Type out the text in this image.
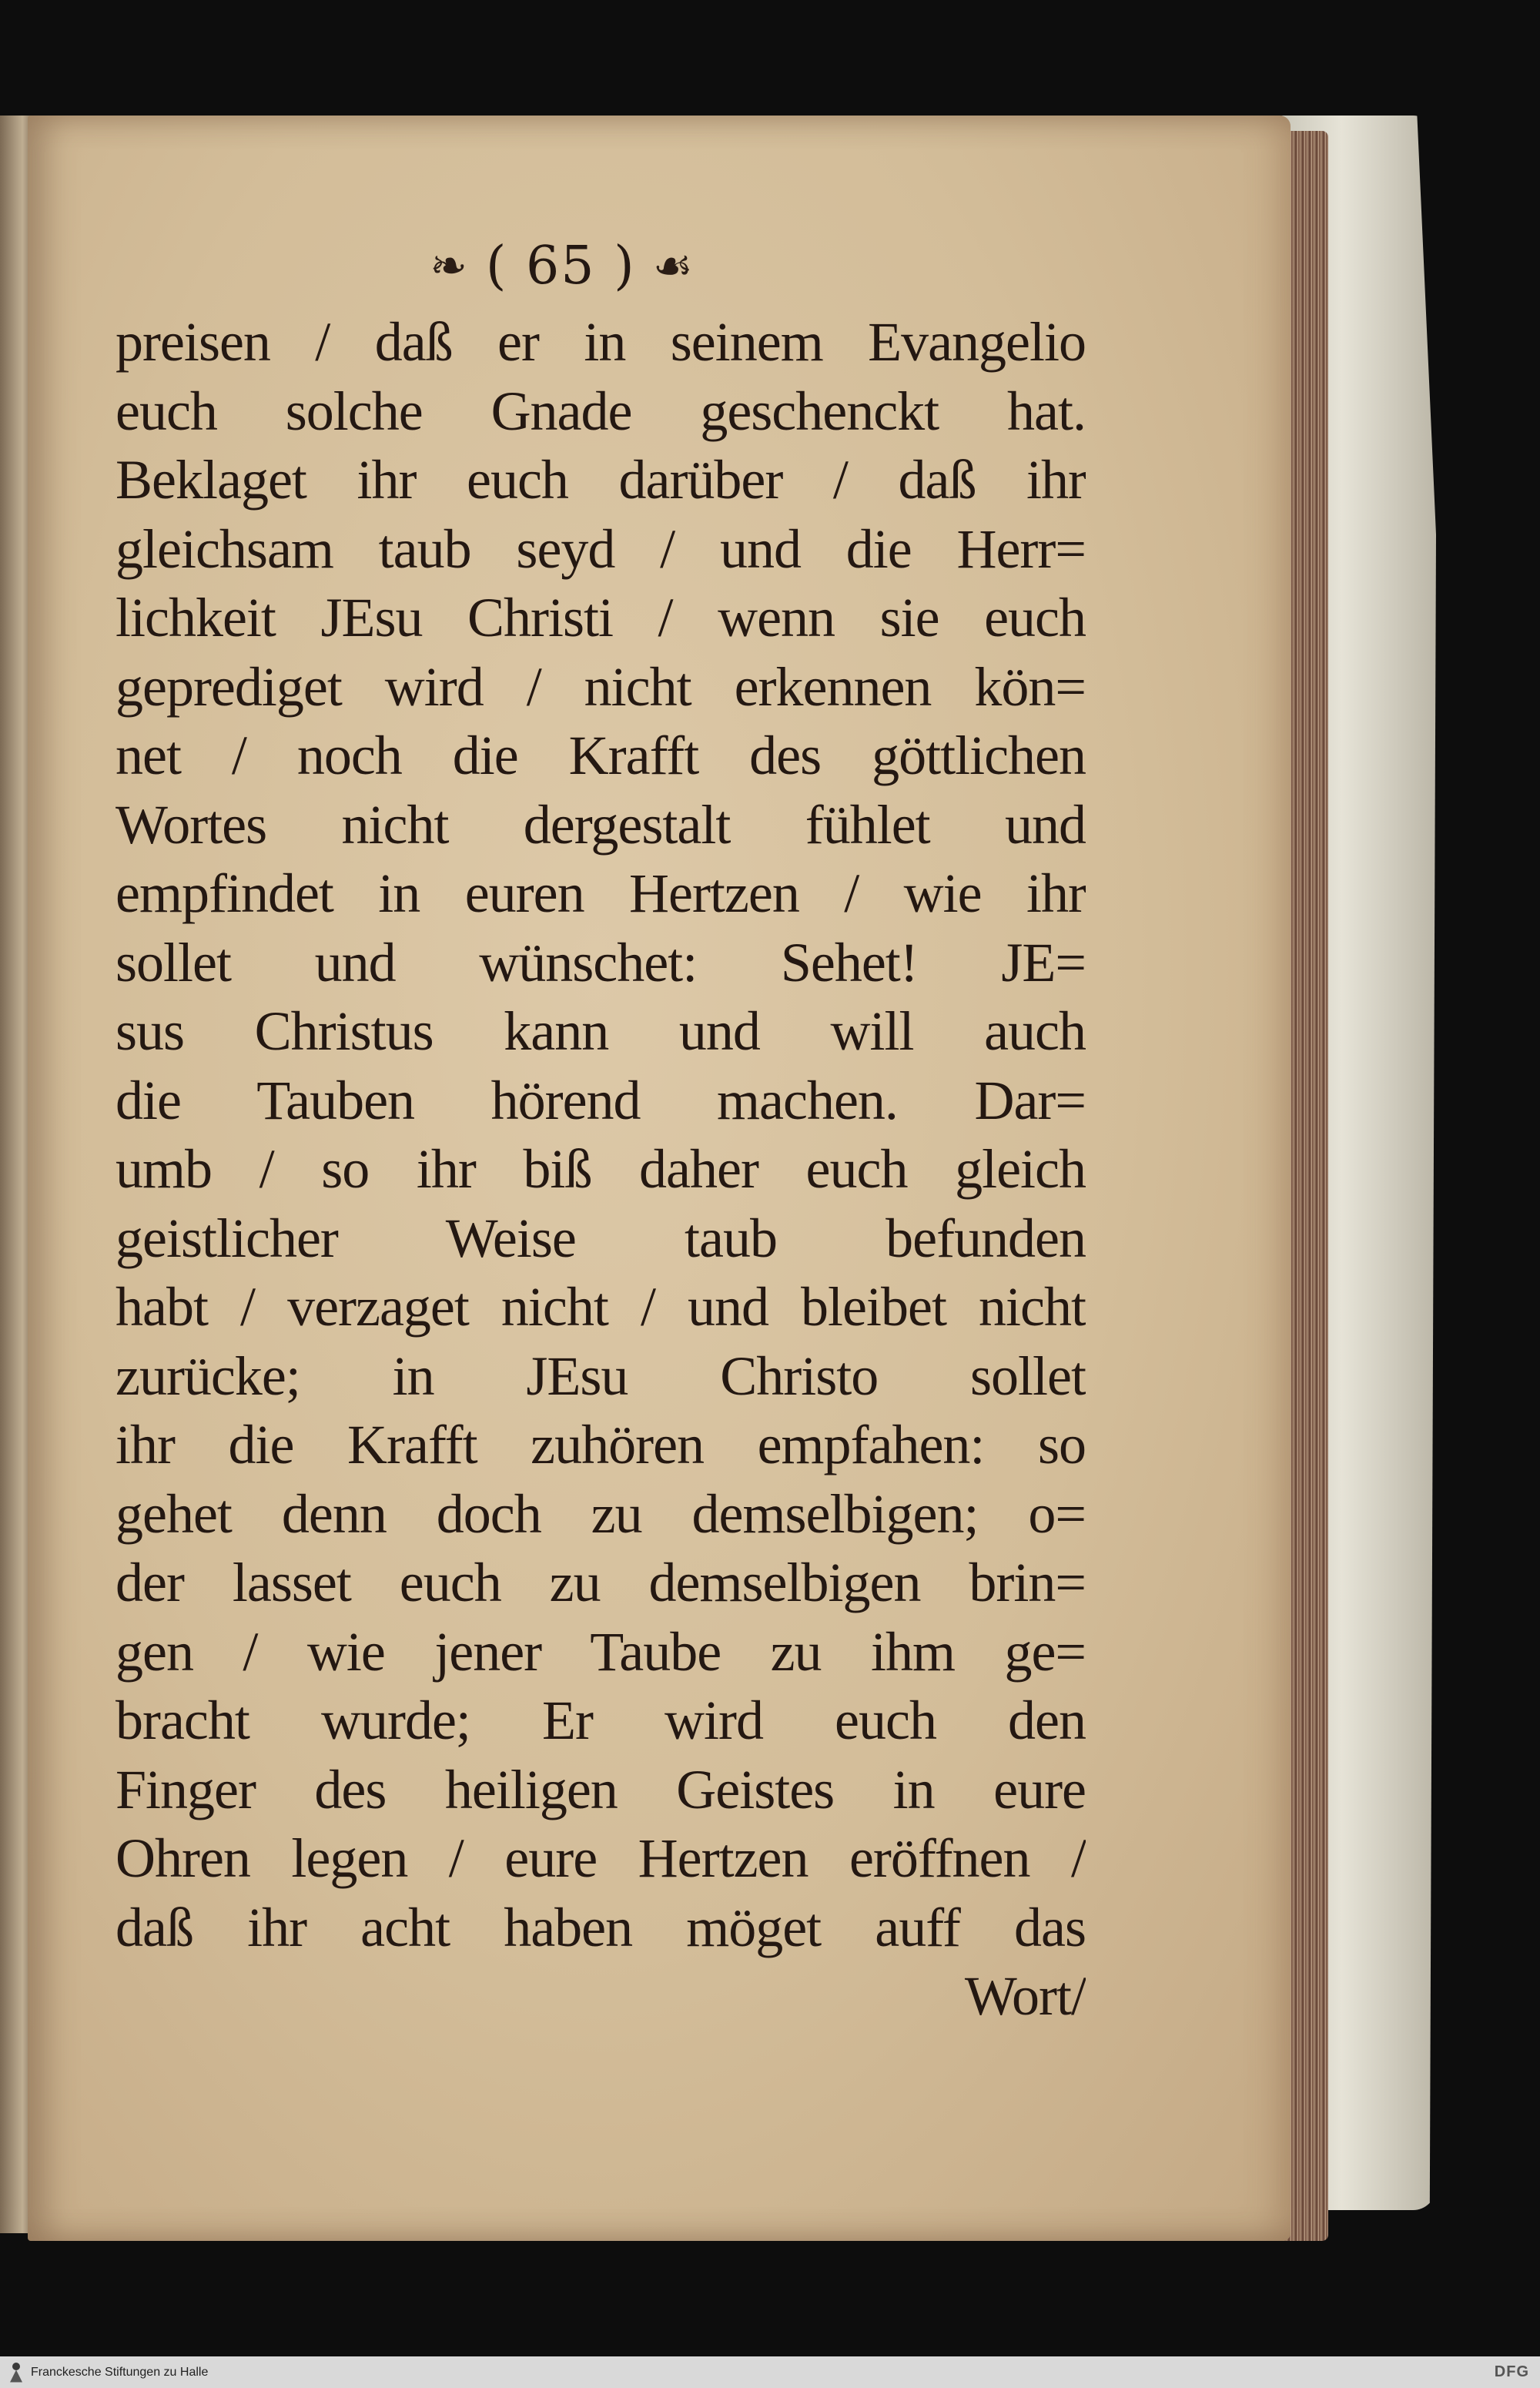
❧ ( 65 ) ☙
preisen / daß er in seinem Evangelio
euch solche Gnade geschenckt hat.
Beklaget ihr euch darüber / daß ihr
gleichsam taub seyd / und die Herr=
lichkeit JEsu Christi / wenn sie euch
geprediget wird / nicht erkennen kön=
net / noch die Krafft des göttlichen
Wortes nicht dergestalt fühlet und
empfindet in euren Hertzen / wie ihr
sollet und wünschet: Sehet! JE=
sus Christus kann und will auch
die Tauben hörend machen. Dar=
umb / so ihr biß daher euch gleich
geistlicher Weise taub befunden
habt / verzaget nicht / und bleibet nicht
zurücke; in JEsu Christo sollet
ihr die Krafft zuhören empfahen: so
gehet denn doch zu demselbigen; o=
der lasset euch zu demselbigen brin=
gen / wie jener Taube zu ihm ge=
bracht wurde; Er wird euch den
Finger des heiligen Geistes in eure
Ohren legen / eure Hertzen eröffnen /
daß ihr acht haben möget auff das
Wort/
Franckesche Stiftungen zu Halle	DFG
